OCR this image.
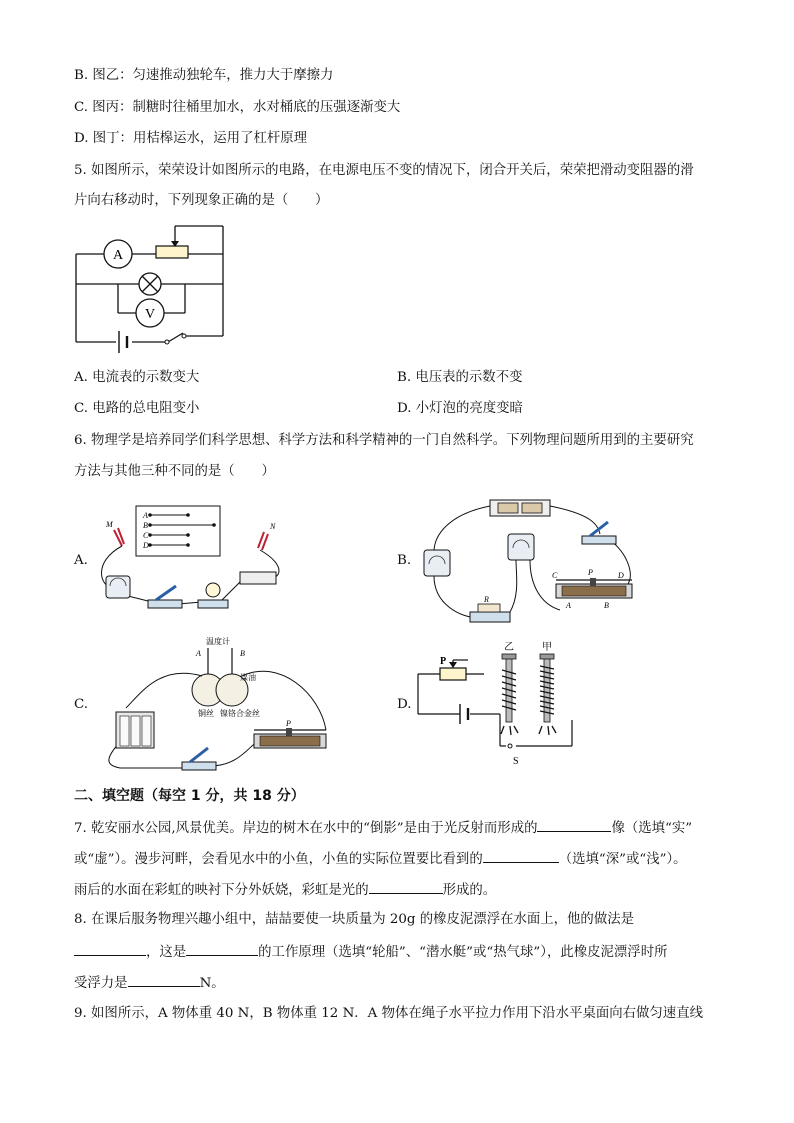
B. 图乙：匀速推动独轮车，推力大于摩擦力
C. 图丙：制糖时往桶里加水，水对桶底的压强逐渐变大
D. 图丁：用桔槔运水，运用了杠杆原理
5. 如图所示，荣荣设计如图所示的电路，在电源电压不变的情况下，闭合开关后，荣荣把滑动变阻器的滑
片向右移动时，下列现象正确的是（　　）
A
V
A. 电流表的示数变大	B. 电压表的示数不变
C. 电路的总电阻变小	D. 小灯泡的亮度变暗
6. 物理学是培养同学们科学思想、科学方法和科学精神的一门自然科学。下列物理问题所用到的主要研究
方法与其他三种不同的是（　　）
A.	B.
C.	D.
A
B
C
D
M	N
R
C	P	D
A	B
温度计
A	B
煤油
铜丝 镍铬合金丝
P
P
乙	甲
S
二、填空题（每空 1 分，共 18 分）
7. 乾安丽水公园,风景优美。岸边的树木在水中的“倒影”是由于光反射而形成的	像（选填“实”
或“虚”）。漫步河畔，会看见水中的小鱼，小鱼的实际位置要比看到的	（选填“深”或“浅”）。
雨后的水面在彩虹的映衬下分外妖娆，彩虹是光的	形成的。
8. 在课后服务物理兴趣小组中，喆喆要使一块质量为 20g 的橡皮泥漂浮在水面上，他的做法是
，这是	的工作原理（选填“轮船”、“潜水艇”或“热气球”），此橡皮泥漂浮时所
受浮力是	N。
9. 如图所示，A 物体重 40 N，B 物体重 12 N．A 物体在绳子水平拉力作用下沿水平桌面向右做匀速直线
